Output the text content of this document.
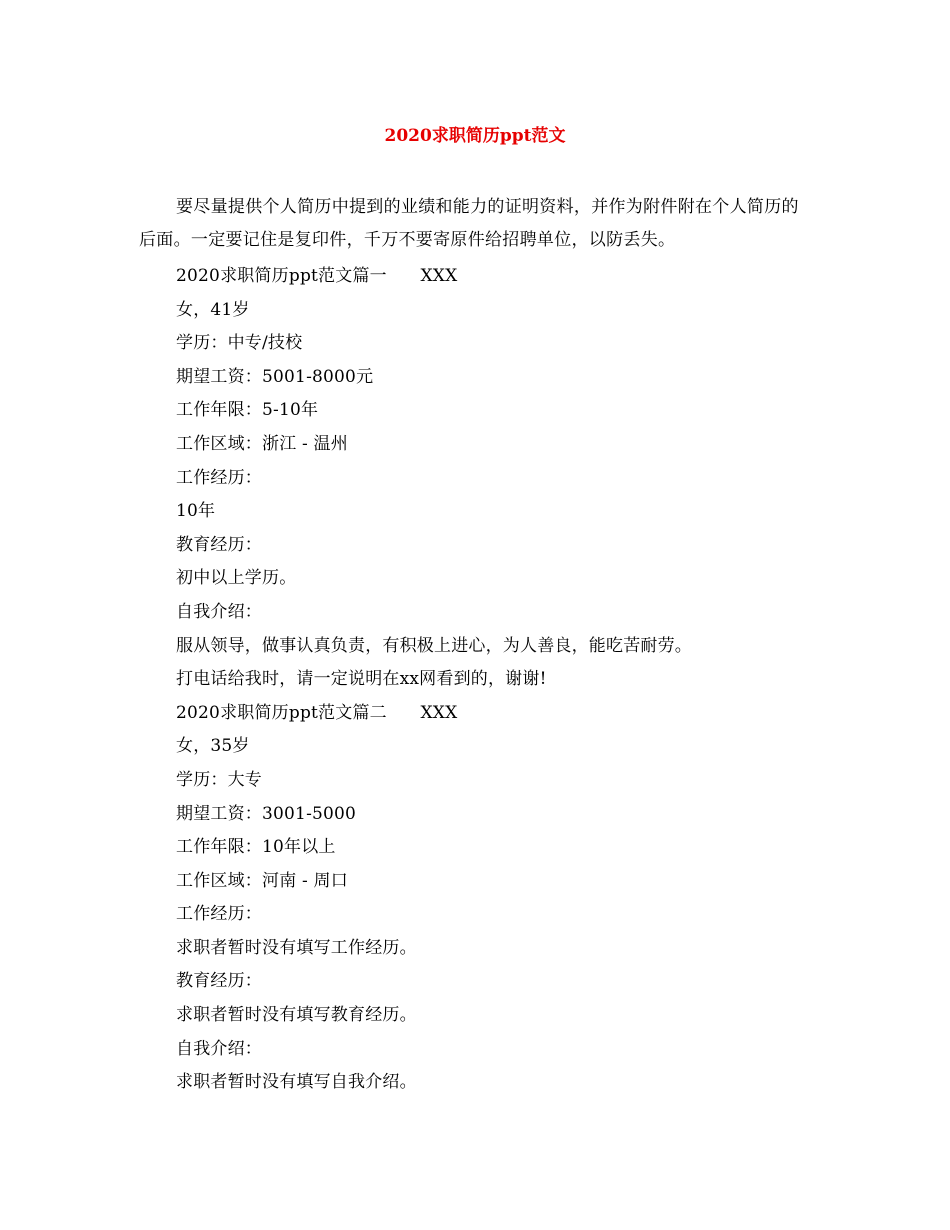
2020求职简历ppt范文

要尽量提供个人简历中提到的业绩和能力的证明资料，并作为附件附在个人简历的后面。一定要记住是复印件，千万不要寄原件给招聘单位，以防丢失。

2020求职简历ppt范文篇一      XXX
女，41岁
学历：中专/技校
期望工资：5001-8000元
工作年限：5-10年
工作区域：浙江 - 温州
工作经历：
10年
教育经历：
初中以上学历。
自我介绍：
服从领导，做事认真负责，有积极上进心，为人善良，能吃苦耐劳。
打电话给我时，请一定说明在xx网看到的，谢谢!
2020求职简历ppt范文篇二      XXX
女，35岁
学历：大专
期望工资：3001-5000
工作年限：10年以上
工作区域：河南 - 周口
工作经历：
求职者暂时没有填写工作经历。
教育经历：
求职者暂时没有填写教育经历。
自我介绍：
求职者暂时没有填写自我介绍。
